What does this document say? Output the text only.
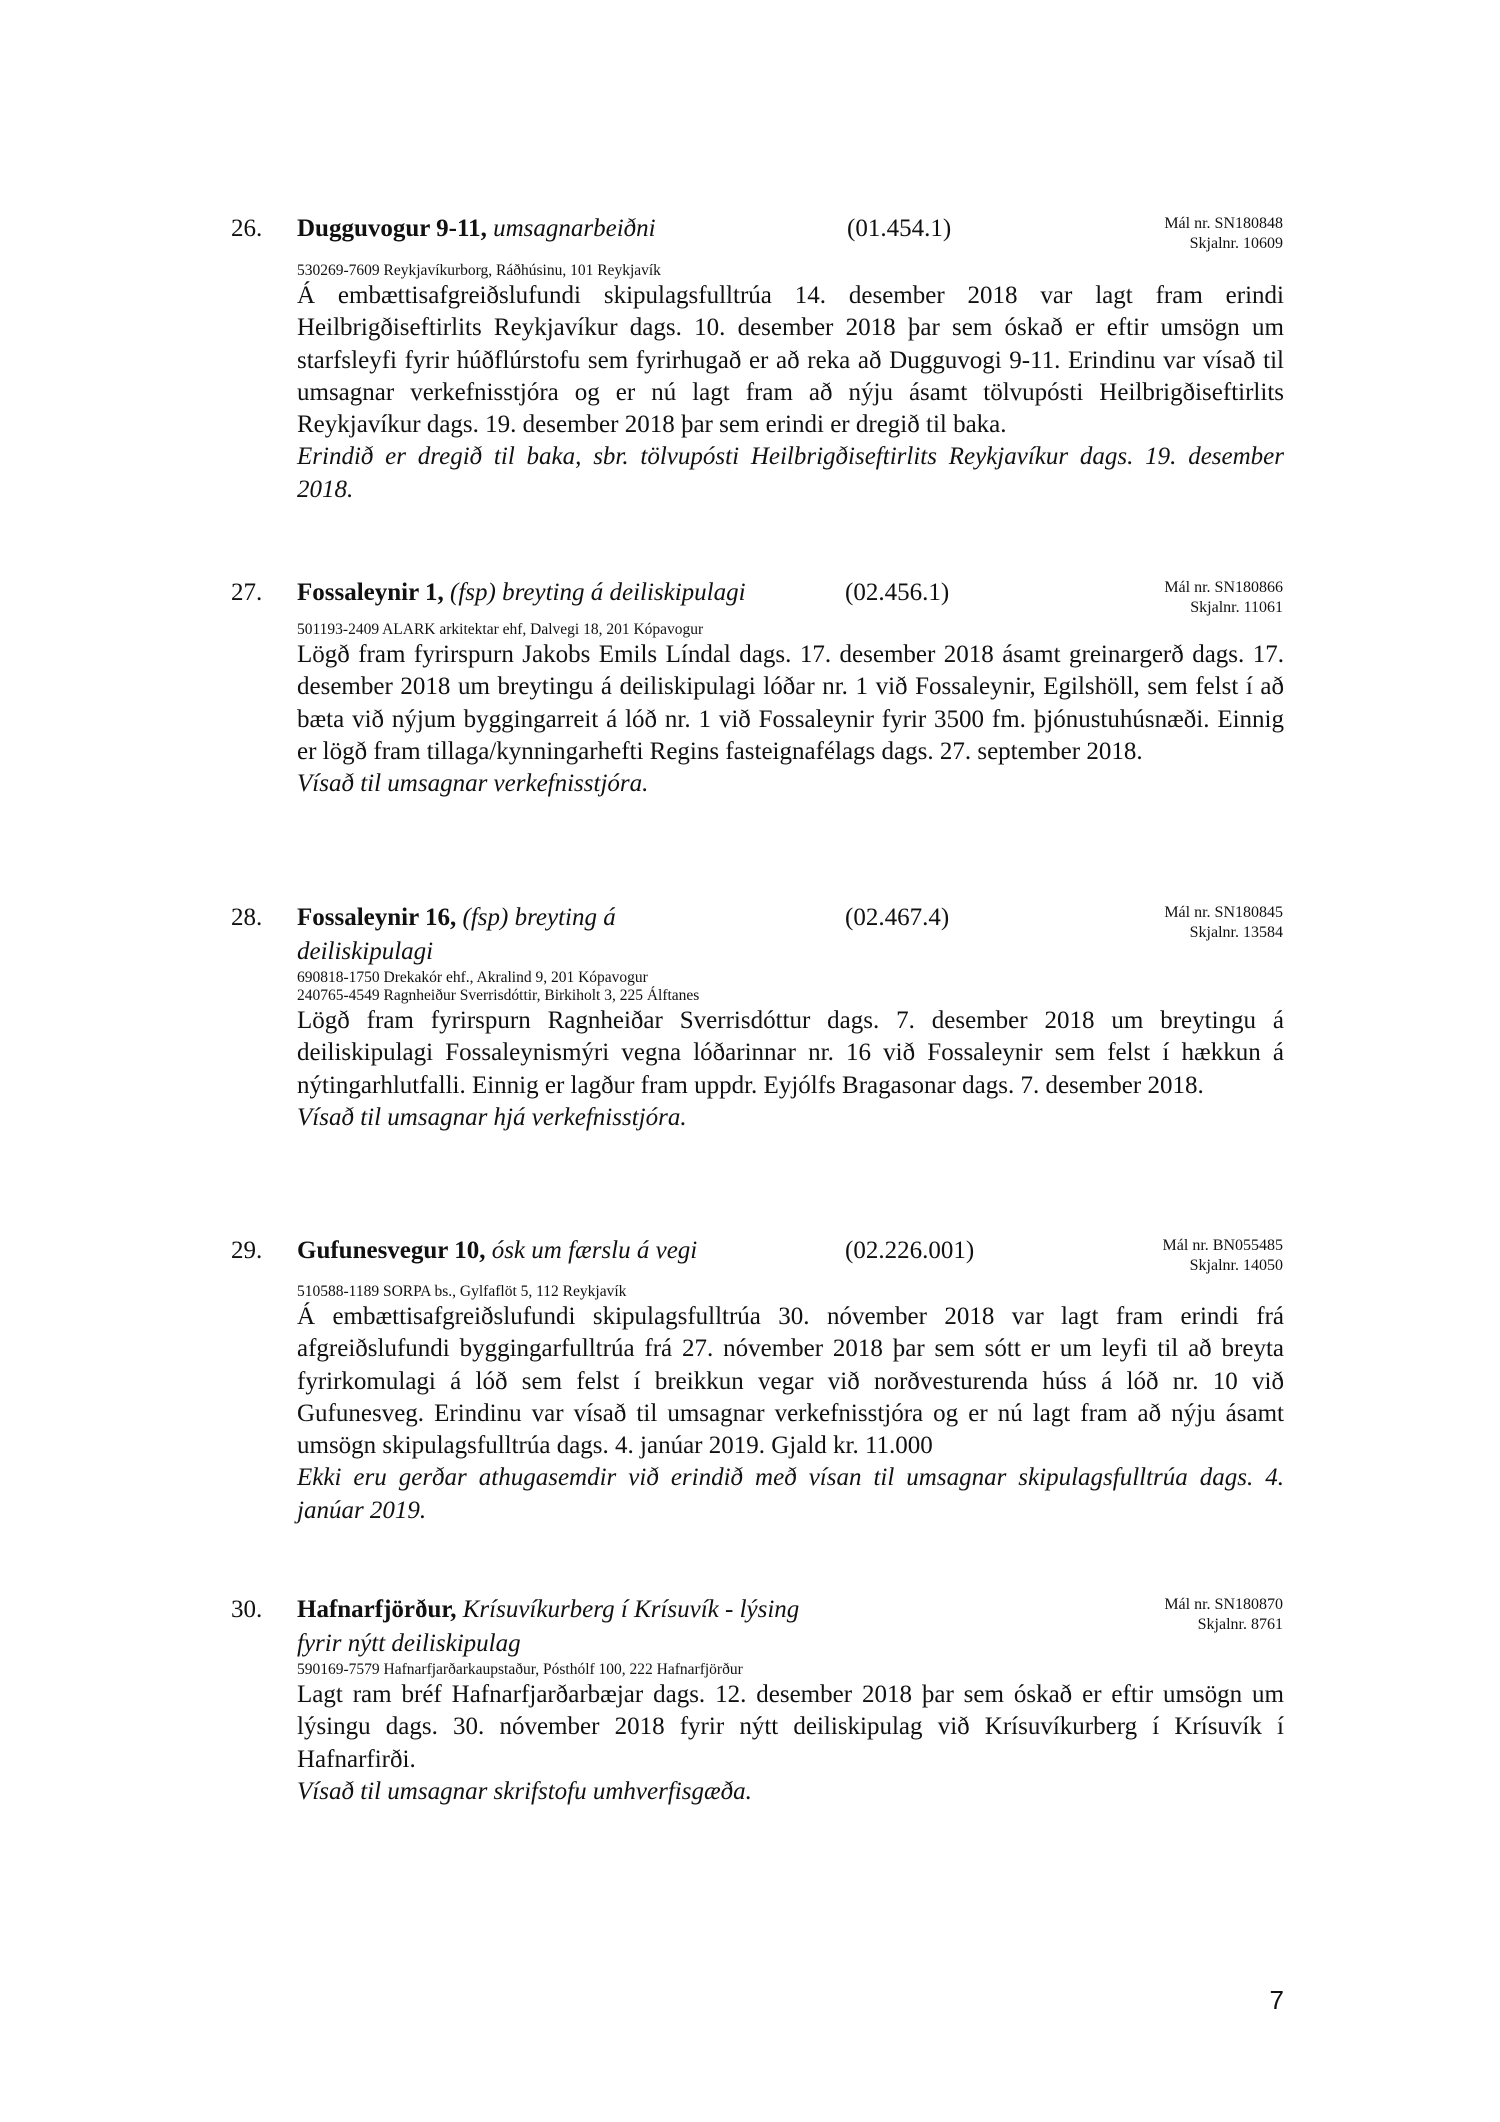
26. Dugguvogur 9-11, umsagnarbeiðni	(01.454.1)	Mál nr. SN180848
Skjalnr. 10609
530269-7609 Reykjavíkurborg, Ráðhúsinu, 101 Reykjavík

Á embættisafgreiðslufundi skipulagsfulltrúa 14. desember 2018 var lagt fram erindi Heilbrigðiseftirlits Reykjavíkur dags. 10. desember 2018 þar sem óskað er eftir umsögn um starfsleyfi fyrir húðflúrstofu sem fyrirhugað er að reka að Dugguvogi 9-11. Erindinu var vísað til umsagnar verkefnisstjóra og er nú lagt fram að nýju ásamt tölvupósti Heilbrigðiseftirlits Reykjavíkur dags. 19. desember 2018 þar sem erindi er dregið til baka.

Erindið er dregið til baka, sbr. tölvupósti Heilbrigðiseftirlits Reykjavíkur dags. 19. desember 2018.

27. Fossaleynir 1, (fsp) breyting á deiliskipulagi	(02.456.1)	Mál nr. SN180866
Skjalnr. 11061
501193-2409 ALARK arkitektar ehf, Dalvegi 18, 201 Kópavogur

Lögð fram fyrirspurn Jakobs Emils Líndal dags. 17. desember 2018 ásamt greinargerð dags. 17. desember 2018 um breytingu á deiliskipulagi lóðar nr. 1 við Fossaleynir, Egilshöll, sem felst í að bæta við nýjum byggingarreit á lóð nr. 1 við Fossaleynir fyrir 3500 fm. þjónustuhúsnæði. Einnig er lögð fram tillaga/kynningarhefti Regins fasteignafélags dags. 27. september 2018.

Vísað til umsagnar verkefnisstjóra.

28. Fossaleynir 16, (fsp) breyting á deiliskipulagi
(02.467.4)	Mál nr. SN180845
Skjalnr. 13584
690818-1750 Drekakór ehf., Akralind 9, 201 Kópavogur
240765-4549 Ragnheiður Sverrisdóttir, Birkiholt 3, 225 Álftanes

Lögð fram fyrirspurn Ragnheiðar Sverrisdóttur dags. 7. desember 2018 um breytingu á deiliskipulagi Fossaleynismýri vegna lóðarinnar nr. 16 við Fossaleynir sem felst í hækkun á nýtingarhlutfalli. Einnig er lagður fram uppdr. Eyjólfs Bragasonar dags. 7. desember 2018.

Vísað til umsagnar hjá verkefnisstjóra.

29. Gufunesvegur 10, ósk um færslu á vegi	(02.226.001)	Mál nr. BN055485
Skjalnr. 14050
510588-1189 SORPA bs., Gylfaflöt 5, 112 Reykjavík

Á embættisafgreiðslufundi skipulagsfulltrúa 30. nóvember 2018 var lagt fram erindi frá afgreiðslufundi byggingarfulltrúa frá 27. nóvember 2018 þar sem sótt er um leyfi til að breyta fyrirkomulagi á lóð sem felst í breikkun vegar við norðvesturenda húss á lóð nr. 10 við Gufunesveg. Erindinu var vísað til umsagnar verkefnisstjóra og er nú lagt fram að nýju ásamt umsögn skipulagsfulltrúa dags. 4. janúar 2019. Gjald kr. 11.000

Ekki eru gerðar athugasemdir við erindið með vísan til umsagnar skipulagsfulltrúa dags. 4. janúar 2019.

30. Hafnarfjörður, Krísuvíkurberg í Krísuvík - lýsing fyrir nýtt deiliskipulag
Mál nr. SN180870
Skjalnr. 8761
590169-7579 Hafnarfjarðarkaupstaður, Pósthólf 100, 222 Hafnarfjörður

Lagt ram bréf Hafnarfjarðarbæjar dags. 12. desember 2018 þar sem óskað er eftir umsögn um lýsingu dags. 30. nóvember 2018 fyrir nýtt deiliskipulag við Krísuvíkurberg í Krísuvík í Hafnarfirði.

Vísað til umsagnar skrifstofu umhverfisgæða.

7
